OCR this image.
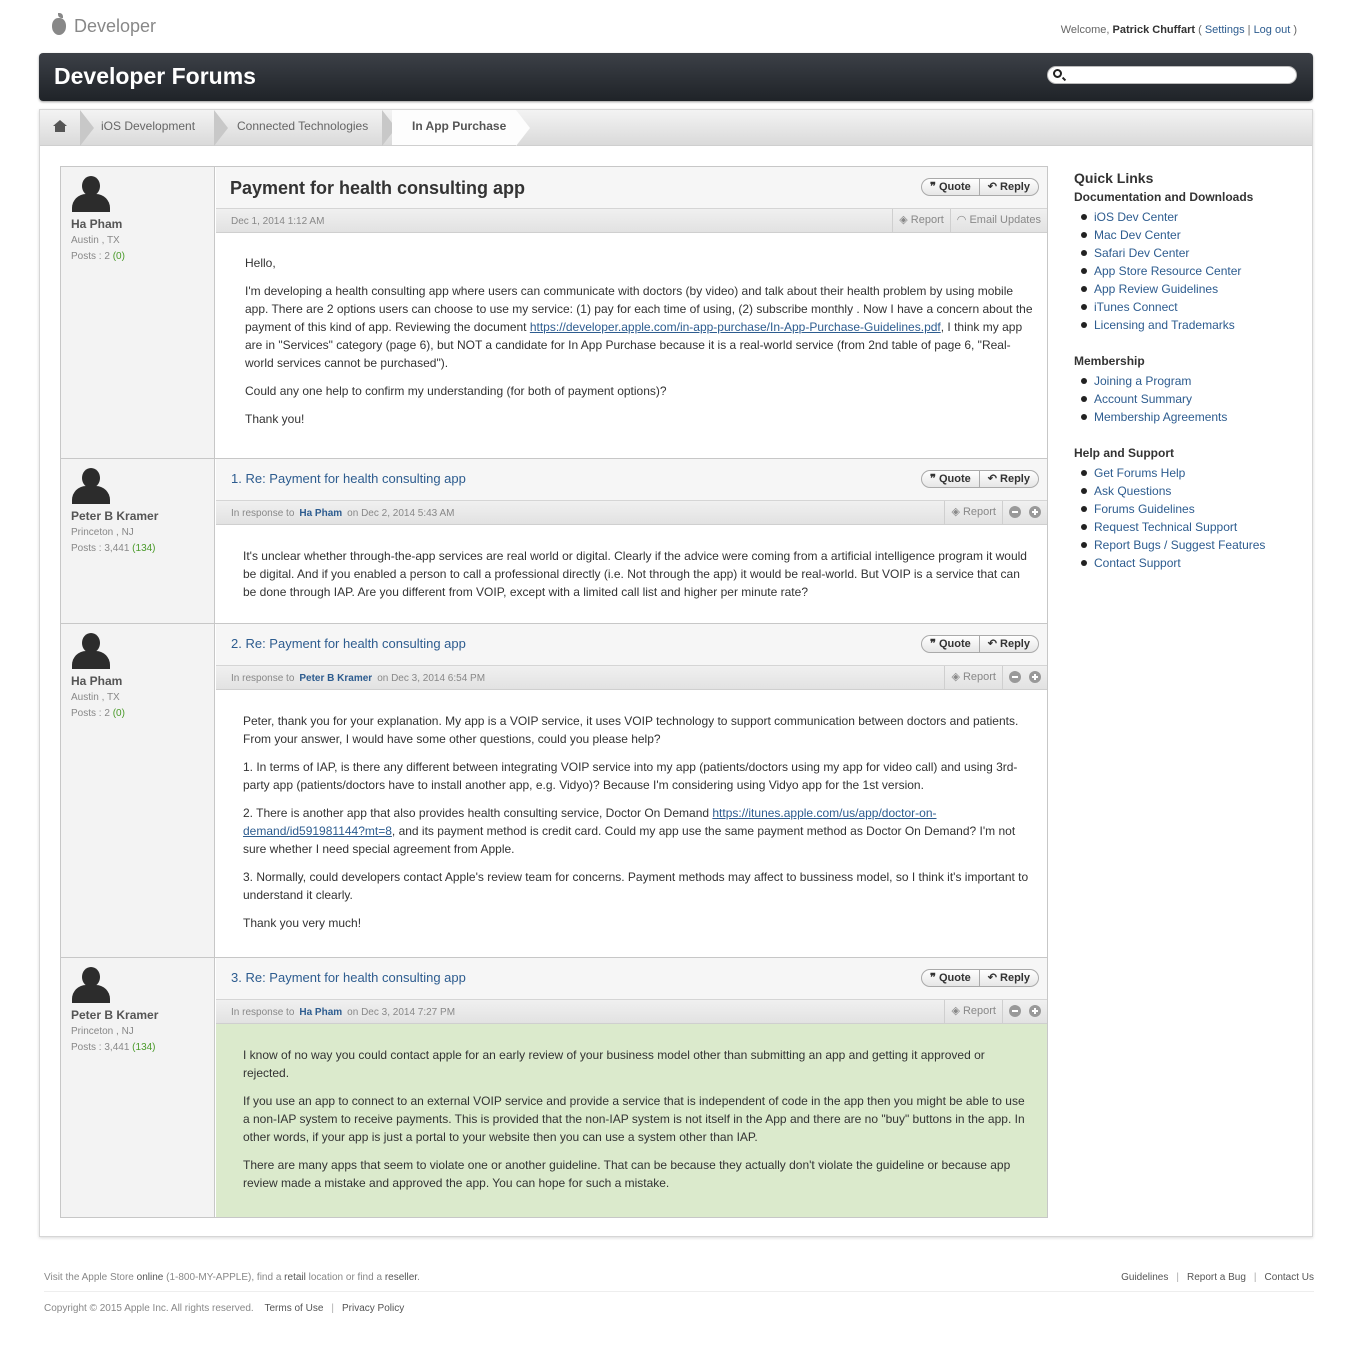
Developer	Welcome, Patrick Chuffart ( Settings | Log out )
Developer Forums
iOS Development	Connected Technologies	In App Purchase
Ha Pham
Austin , TX
Posts : 2 (0)
Payment for health consulting app	❞ Quote	↶ Reply
Dec 1, 2014 1:12 AM	◈ Report	◠ Email Updates

Hello,

I'm developing a health consulting app where users can communicate with doctors (by video) and talk about their health problem by using mobile app. There are 2 options users can choose to use my service: (1) pay for each time of using, (2) subscribe monthly . Now I have a concern about the payment of this kind of app. Reviewing the document https://developer.apple.com/in-app-purchase/In-App-Purchase-Guidelines.pdf, I think my app are in "Services" category (page 6), but NOT a candidate for In App Purchase because it is a real-world service (from 2nd table of page 6, "Real-world services cannot be purchased").

Could any one help to confirm my understanding (for both of payment options)?

Thank you!

Peter B Kramer
Princeton , NJ
Posts : 3,441 (134)
1. Re: Payment for health consulting app	❞ Quote	↶ Reply
In response to Ha Pham on Dec 2, 2014 5:43 AM	◈ Report

It's unclear whether through-the-app services are real world or digital. Clearly if the advice were coming from a artificial intelligence program it would be digital. And if you enabled a person to call a professional directly (i.e. Not through the app) it would be real-world. But VOIP is a service that can be done through IAP. Are you different from VOIP, except with a limited call list and higher per minute rate?

Ha Pham
Austin , TX
Posts : 2 (0)
2. Re: Payment for health consulting app	❞ Quote	↶ Reply
In response to Peter B Kramer on Dec 3, 2014 6:54 PM	◈ Report

Peter, thank you for your explanation. My app is a VOIP service, it uses VOIP technology to support communication between doctors and patients. From your answer, I would have some other questions, could you please help?

1. In terms of IAP, is there any different between integrating VOIP service into my app (patients/doctors using my app for video call) and using 3rd-party app (patients/doctors have to install another app, e.g. Vidyo)? Because I'm considering using Vidyo app for the 1st version.

2. There is another app that also provides health consulting service, Doctor On Demand https://itunes.apple.com/us/app/doctor-on-demand/id591981144?mt=8, and its payment method is credit card. Could my app use the same payment method as Doctor On Demand? I'm not sure whether I need special agreement from Apple.

3. Normally, could developers contact Apple's review team for concerns. Payment methods may affect to bussiness model, so I think it's important to understand it clearly.

Thank you very much!

Peter B Kramer
Princeton , NJ
Posts : 3,441 (134)
3. Re: Payment for health consulting app	❞ Quote	↶ Reply
In response to Ha Pham on Dec 3, 2014 7:27 PM	◈ Report

I know of no way you could contact apple for an early review of your business model other than submitting an app and getting it approved or rejected.

If you use an app to connect to an external VOIP service and provide a service that is independent of code in the app then you might be able to use a non-IAP system to receive payments. This is provided that the non-IAP system is not itself in the App and there are no "buy" buttons in the app. In other words, if your app is just a portal to your website then you can use a system other than IAP.

There are many apps that seem to violate one or another guideline. That can be because they actually don't violate the guideline or because app review made a mistake and approved the app. You can hope for such a mistake.

Quick Links
Documentation and Downloads
iOS Dev Center
Mac Dev Center
Safari Dev Center
App Store Resource Center
App Review Guidelines
iTunes Connect
Licensing and Trademarks
Membership
Joining a Program
Account Summary
Membership Agreements
Help and Support
Get Forums Help
Ask Questions
Forums Guidelines
Request Technical Support
Report Bugs / Suggest Features
Contact Support
Visit the Apple Store online (1-800-MY-APPLE), find a retail location or find a reseller.	Guidelines | Report a Bug | Contact Us
Copyright © 2015 Apple Inc. All rights reserved. Terms of Use | Privacy Policy
